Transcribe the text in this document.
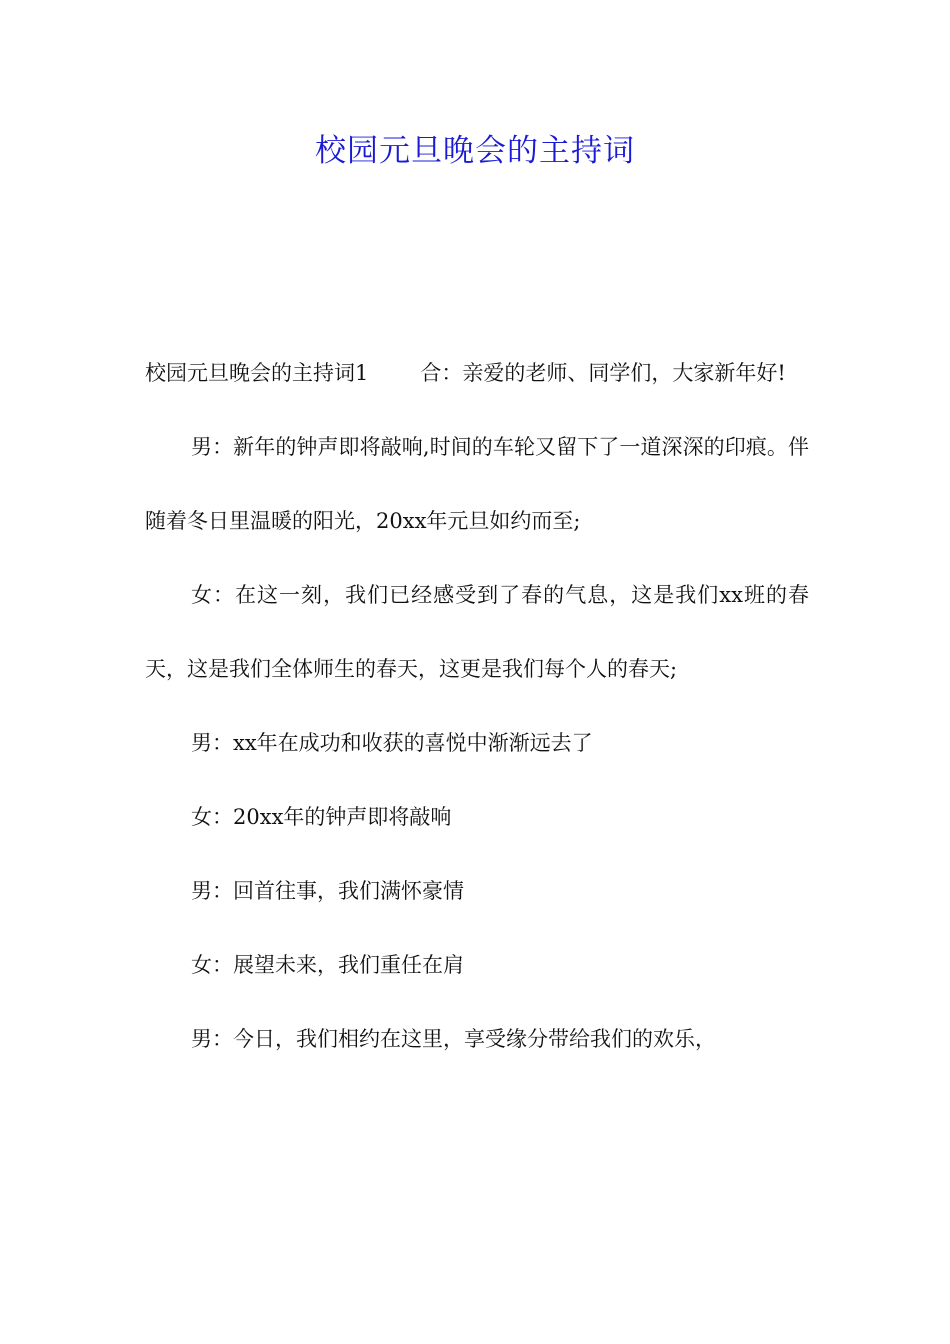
校园元旦晚会的主持词

校园元旦晚会的主持词1 合：亲爱的老师、同学们，大家新年好!

男：新年的钟声即将敲响,时间的车轮又留下了一道深深的印痕。伴随着冬日里温暖的阳光，20xx年元旦如约而至;

女：在这一刻，我们已经感受到了春的气息，这是我们xx班的春天，这是我们全体师生的春天，这更是我们每个人的春天;

男：xx年在成功和收获的喜悦中渐渐远去了

女：20xx年的钟声即将敲响

男：回首往事，我们满怀豪情

女：展望未来，我们重任在肩

男：今日，我们相约在这里，享受缘分带给我们的欢乐，
